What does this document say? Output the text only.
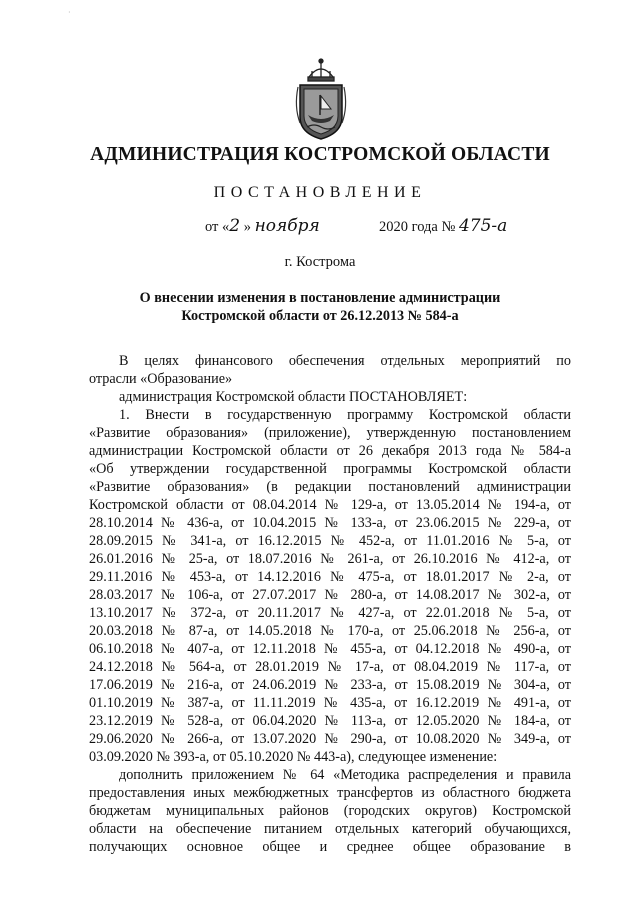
·
АДМИНИСТРАЦИЯ КОСТРОМСКОЙ ОБЛАСТИ
ПОСТАНОВЛЕНИЕ
от «2 » ноября	2020 года № 475-а
г. Кострома
О внесении изменения в постановление администрации
Костромской области от 26.12.2013 № 584-а
В целях финансового обеспечения отдельных мероприятий по
отрасли «Образование»
администрация Костромской области ПОСТАНОВЛЯЕТ:
1. Внести в государственную программу Костромской области
«Развитие образования» (приложение), утвержденную постановлением
администрации Костромской области от 26 декабря 2013 года № 584-а
«Об утверждении государственной программы Костромской области
«Развитие образования» (в редакции постановлений администрации
Костромской области от 08.04.2014 № 129-а, от 13.05.2014 № 194-а, от
28.10.2014 № 436-а, от 10.04.2015 № 133-а, от 23.06.2015 № 229-а, от
28.09.2015 № 341-а, от 16.12.2015 № 452-а, от 11.01.2016 № 5-а, от
26.01.2016 № 25-а, от 18.07.2016 № 261-а, от 26.10.2016 № 412-а, от
29.11.2016 № 453-а, от 14.12.2016 № 475-а, от 18.01.2017 № 2-а, от
28.03.2017 № 106-а, от 27.07.2017 № 280-а, от 14.08.2017 № 302-а, от
13.10.2017 № 372-а, от 20.11.2017 № 427-а, от 22.01.2018 № 5-а, от
20.03.2018 № 87-а, от 14.05.2018 № 170-а, от 25.06.2018 № 256-а, от
06.10.2018 № 407-а, от 12.11.2018 № 455-а, от 04.12.2018 № 490-а, от
24.12.2018 № 564-а, от 28.01.2019 № 17-а, от 08.04.2019 № 117-а, от
17.06.2019 № 216-а, от 24.06.2019 № 233-а, от 15.08.2019 № 304-а, от
01.10.2019 № 387-а, от 11.11.2019 № 435-а, от 16.12.2019 № 491-а, от
23.12.2019 № 528-а, от 06.04.2020 № 113-а, от 12.05.2020 № 184-а, от
29.06.2020 № 266-а, от 13.07.2020 № 290-а, от 10.08.2020 № 349-а, от
03.09.2020 № 393-а, от 05.10.2020 № 443-а), следующее изменение:
дополнить приложением № 64 «Методика распределения и правила
предоставления иных межбюджетных трансфертов из областного бюджета
бюджетам муниципальных районов (городских округов) Костромской
области на обеспечение питанием отдельных категорий обучающихся,
получающих основное общее и среднее общее образование в
